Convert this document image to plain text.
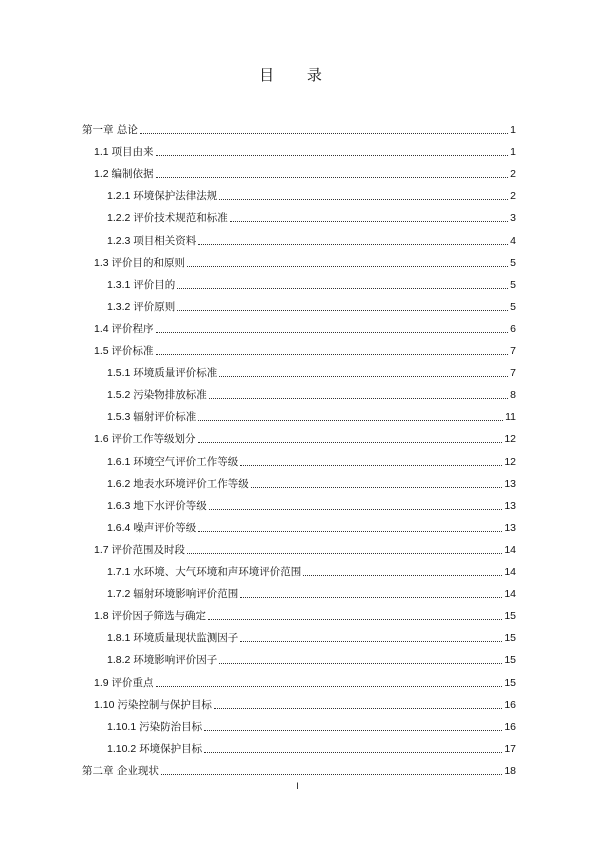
目 录
第一章 总论	1
1.1 项目由来	1
1.2 编制依据	2
1.2.1 环境保护法律法规	2
1.2.2 评价技术规范和标准	3
1.2.3 项目相关资料	4
1.3 评价目的和原则	5
1.3.1 评价目的	5
1.3.2 评价原则	5
1.4 评价程序	6
1.5 评价标准	7
1.5.1 环境质量评价标准	7
1.5.2 污染物排放标准	8
1.5.3 辐射评价标准	11
1.6 评价工作等级划分	12
1.6.1 环境空气评价工作等级	12
1.6.2 地表水环境评价工作等级	13
1.6.3 地下水评价等级	13
1.6.4 噪声评价等级	13
1.7 评价范围及时段	14
1.7.1 水环境、大气环境和声环境评价范围	14
1.7.2 辐射环境影响评价范围	14
1.8 评价因子筛选与确定	15
1.8.1 环境质量现状监测因子	15
1.8.2 环境影响评价因子	15
1.9 评价重点	15
1.10 污染控制与保护目标	16
1.10.1 污染防治目标	16
1.10.2 环境保护目标	17
第二章 企业现状	18
I
